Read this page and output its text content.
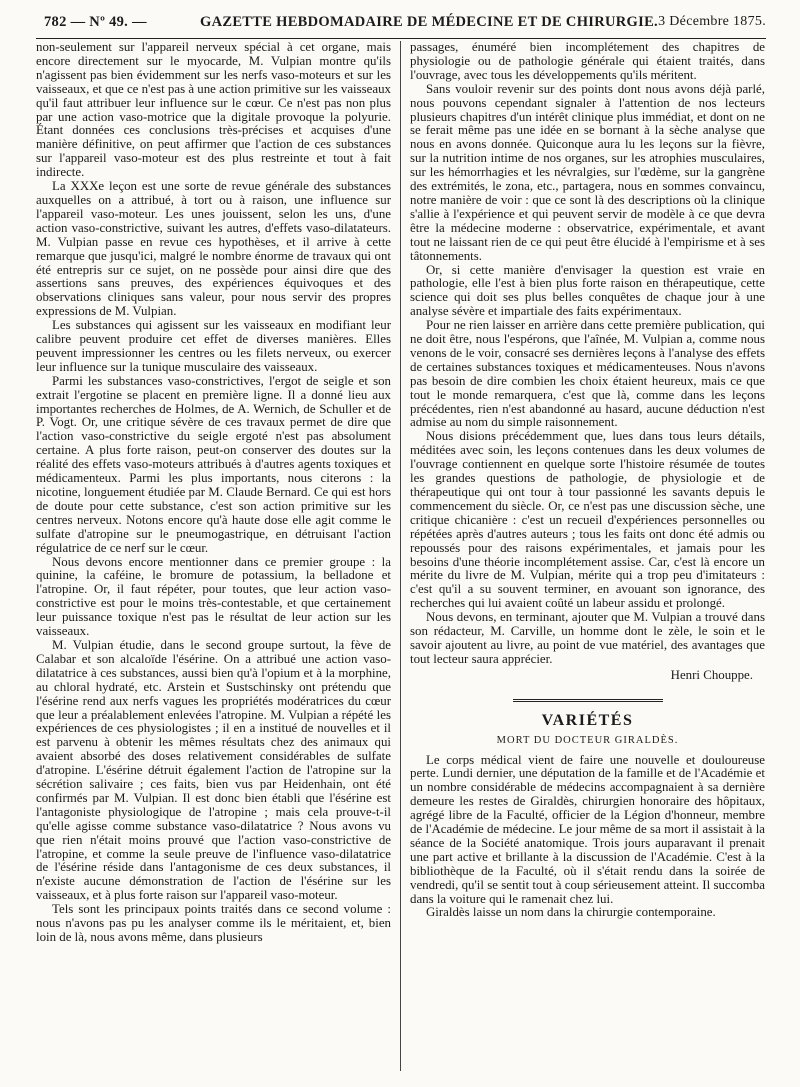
782 — Nº 49. —	GAZETTE HEBDOMADAIRE DE MÉDECINE ET DE CHIRURGIE. 3 Décembre 1875.

non-seulement sur l'appareil nerveux spécial à cet organe, mais encore directement sur le myocarde, M. Vulpian montre qu'ils n'agissent pas bien évidemment sur les nerfs vaso-moteurs et sur les vaisseaux, et que ce n'est pas à une action primitive sur les vaisseaux qu'il faut attribuer leur influence sur le cœur. Ce n'est pas non plus par une action vaso-motrice que la digitale provoque la polyurie. Étant données ces conclusions très-précises et acquises d'une manière définitive, on peut affirmer que l'action de ces substances sur l'appareil vaso-moteur est des plus restreinte et tout à fait indirecte.

La XXXe leçon est une sorte de revue générale des substances auxquelles on a attribué, à tort ou à raison, une influence sur l'appareil vaso-moteur. Les unes jouissent, selon les uns, d'une action vaso-constrictive, suivant les autres, d'effets vaso-dilatateurs. M. Vulpian passe en revue ces hypothèses, et il arrive à cette remarque que jusqu'ici, malgré le nombre énorme de travaux qui ont été entrepris sur ce sujet, on ne possède pour ainsi dire que des assertions sans preuves, des expériences équivoques et des observations cliniques sans valeur, pour nous servir des propres expressions de M. Vulpian.

Les substances qui agissent sur les vaisseaux en modifiant leur calibre peuvent produire cet effet de diverses manières. Elles peuvent impressionner les centres ou les filets nerveux, ou exercer leur influence sur la tunique musculaire des vaisseaux.

Parmi les substances vaso-constrictives, l'ergot de seigle et son extrait l'ergotine se placent en première ligne. Il a donné lieu aux importantes recherches de Holmes, de A. Wernich, de Schuller et de P. Vogt. Or, une critique sévère de ces travaux permet de dire que l'action vaso-constrictive du seigle ergoté n'est pas absolument certaine. A plus forte raison, peut-on conserver des doutes sur la réalité des effets vaso-moteurs attribués à d'autres agents toxiques et médicamenteux. Parmi les plus importants, nous citerons : la nicotine, longuement étudiée par M. Claude Bernard. Ce qui est hors de doute pour cette substance, c'est son action primitive sur les centres nerveux. Notons encore qu'à haute dose elle agit comme le sulfate d'atropine sur le pneumogastrique, en détruisant l'action régulatrice de ce nerf sur le cœur.

Nous devons encore mentionner dans ce premier groupe : la quinine, la caféine, le bromure de potassium, la belladone et l'atropine. Or, il faut répéter, pour toutes, que leur action vaso-constrictive est pour le moins très-contestable, et que certainement leur puissance toxique n'est pas le résultat de leur action sur les vaisseaux.

M. Vulpian étudie, dans le second groupe surtout, la fève de Calabar et son alcaloïde l'ésérine. On a attribué une action vaso-dilatatrice à ces substances, aussi bien qu'à l'opium et à la morphine, au chloral hydraté, etc. Arstein et Sustschinsky ont prétendu que l'ésérine rend aux nerfs vagues les propriétés modératrices du cœur que leur a préalablement enlevées l'atropine. M. Vulpian a répété les expériences de ces physiologistes ; il en a institué de nouvelles et il est parvenu à obtenir les mêmes résultats chez des animaux qui avaient absorbé des doses relativement considérables de sulfate d'atropine. L'ésérine détruit également l'action de l'atropine sur la sécrétion salivaire ; ces faits, bien vus par Heidenhain, ont été confirmés par M. Vulpian. Il est donc bien établi que l'ésérine est l'antagoniste physiologique de l'atropine ; mais cela prouve-t-il qu'elle agisse comme substance vaso-dilatatrice ? Nous avons vu que rien n'était moins prouvé que l'action vaso-constrictive de l'atropine, et comme la seule preuve de l'influence vaso-dilatatrice de l'ésérine réside dans l'antagonisme de ces deux substances, il n'existe aucune démonstration de l'action de l'ésérine sur les vaisseaux, et à plus forte raison sur l'appareil vaso-moteur.

Tels sont les principaux points traités dans ce second volume : nous n'avons pas pu les analyser comme ils le méritaient, et, bien loin de là, nous avons même, dans plusieurs

passages, énuméré bien incomplétement des chapitres de physiologie ou de pathologie générale qui étaient traités, dans l'ouvrage, avec tous les développements qu'ils méritent.

Sans vouloir revenir sur des points dont nous avons déjà parlé, nous pouvons cependant signaler à l'attention de nos lecteurs plusieurs chapitres d'un intérêt clinique plus immédiat, et dont on ne se ferait même pas une idée en se bornant à la sèche analyse que nous en avons donnée. Quiconque aura lu les leçons sur la fièvre, sur la nutrition intime de nos organes, sur les atrophies musculaires, sur les hémorrhagies et les névralgies, sur l'œdème, sur la gangrène des extrémités, le zona, etc., partagera, nous en sommes convaincu, notre manière de voir : que ce sont là des descriptions où la clinique s'allie à l'expérience et qui peuvent servir de modèle à ce que devra être la médecine moderne : observatrice, expérimentale, et avant tout ne laissant rien de ce qui peut être élucidé à l'empirisme et à ses tâtonnements.

Or, si cette manière d'envisager la question est vraie en pathologie, elle l'est à bien plus forte raison en thérapeutique, cette science qui doit ses plus belles conquêtes de chaque jour à une analyse sévère et impartiale des faits expérimentaux.

Pour ne rien laisser en arrière dans cette première publication, qui ne doit être, nous l'espérons, que l'aînée, M. Vulpian a, comme nous venons de le voir, consacré ses dernières leçons à l'analyse des effets de certaines substances toxiques et médicamenteuses. Nous n'avons pas besoin de dire combien les choix étaient heureux, mais ce que tout le monde remarquera, c'est que là, comme dans les leçons précédentes, rien n'est abandonné au hasard, aucune déduction n'est admise au nom du simple raisonnement.

Nous disions précédemment que, lues dans tous leurs détails, méditées avec soin, les leçons contenues dans les deux volumes de l'ouvrage contiennent en quelque sorte l'histoire résumée de toutes les grandes questions de pathologie, de physiologie et de thérapeutique qui ont tour à tour passionné les savants depuis le commencement du siècle. Or, ce n'est pas une discussion sèche, une critique chicanière : c'est un recueil d'expériences personnelles ou répétées après d'autres auteurs ; tous les faits ont donc été admis ou repoussés pour des raisons expérimentales, et jamais pour les besoins d'une théorie incomplétement assise. Car, c'est là encore un mérite du livre de M. Vulpian, mérite qui a trop peu d'imitateurs : c'est qu'il a su souvent terminer, en avouant son ignorance, des recherches qui lui avaient coûté un labeur assidu et prolongé.

Nous devons, en terminant, ajouter que M. Vulpian a trouvé dans son rédacteur, M. Carville, un homme dont le zèle, le soin et le savoir ajoutent au livre, au point de vue matériel, des avantages que tout lecteur saura apprécier.

Henri Chouppe.

VARIÉTÉS
MORT DU DOCTEUR GIRALDÈS.

Le corps médical vient de faire une nouvelle et douloureuse perte. Lundi dernier, une députation de la famille et de l'Académie et un nombre considérable de médecins accompagnaient à sa dernière demeure les restes de Giraldès, chirurgien honoraire des hôpitaux, agrégé libre de la Faculté, officier de la Légion d'honneur, membre de l'Académie de médecine. Le jour même de sa mort il assistait à la séance de la Société anatomique. Trois jours auparavant il prenait une part active et brillante à la discussion de l'Académie. C'est à la bibliothèque de la Faculté, où il s'était rendu dans la soirée de vendredi, qu'il se sentit tout à coup sérieusement atteint. Il succomba dans la voiture qui le ramenait chez lui.

Giraldès laisse un nom dans la chirurgie contemporaine.
